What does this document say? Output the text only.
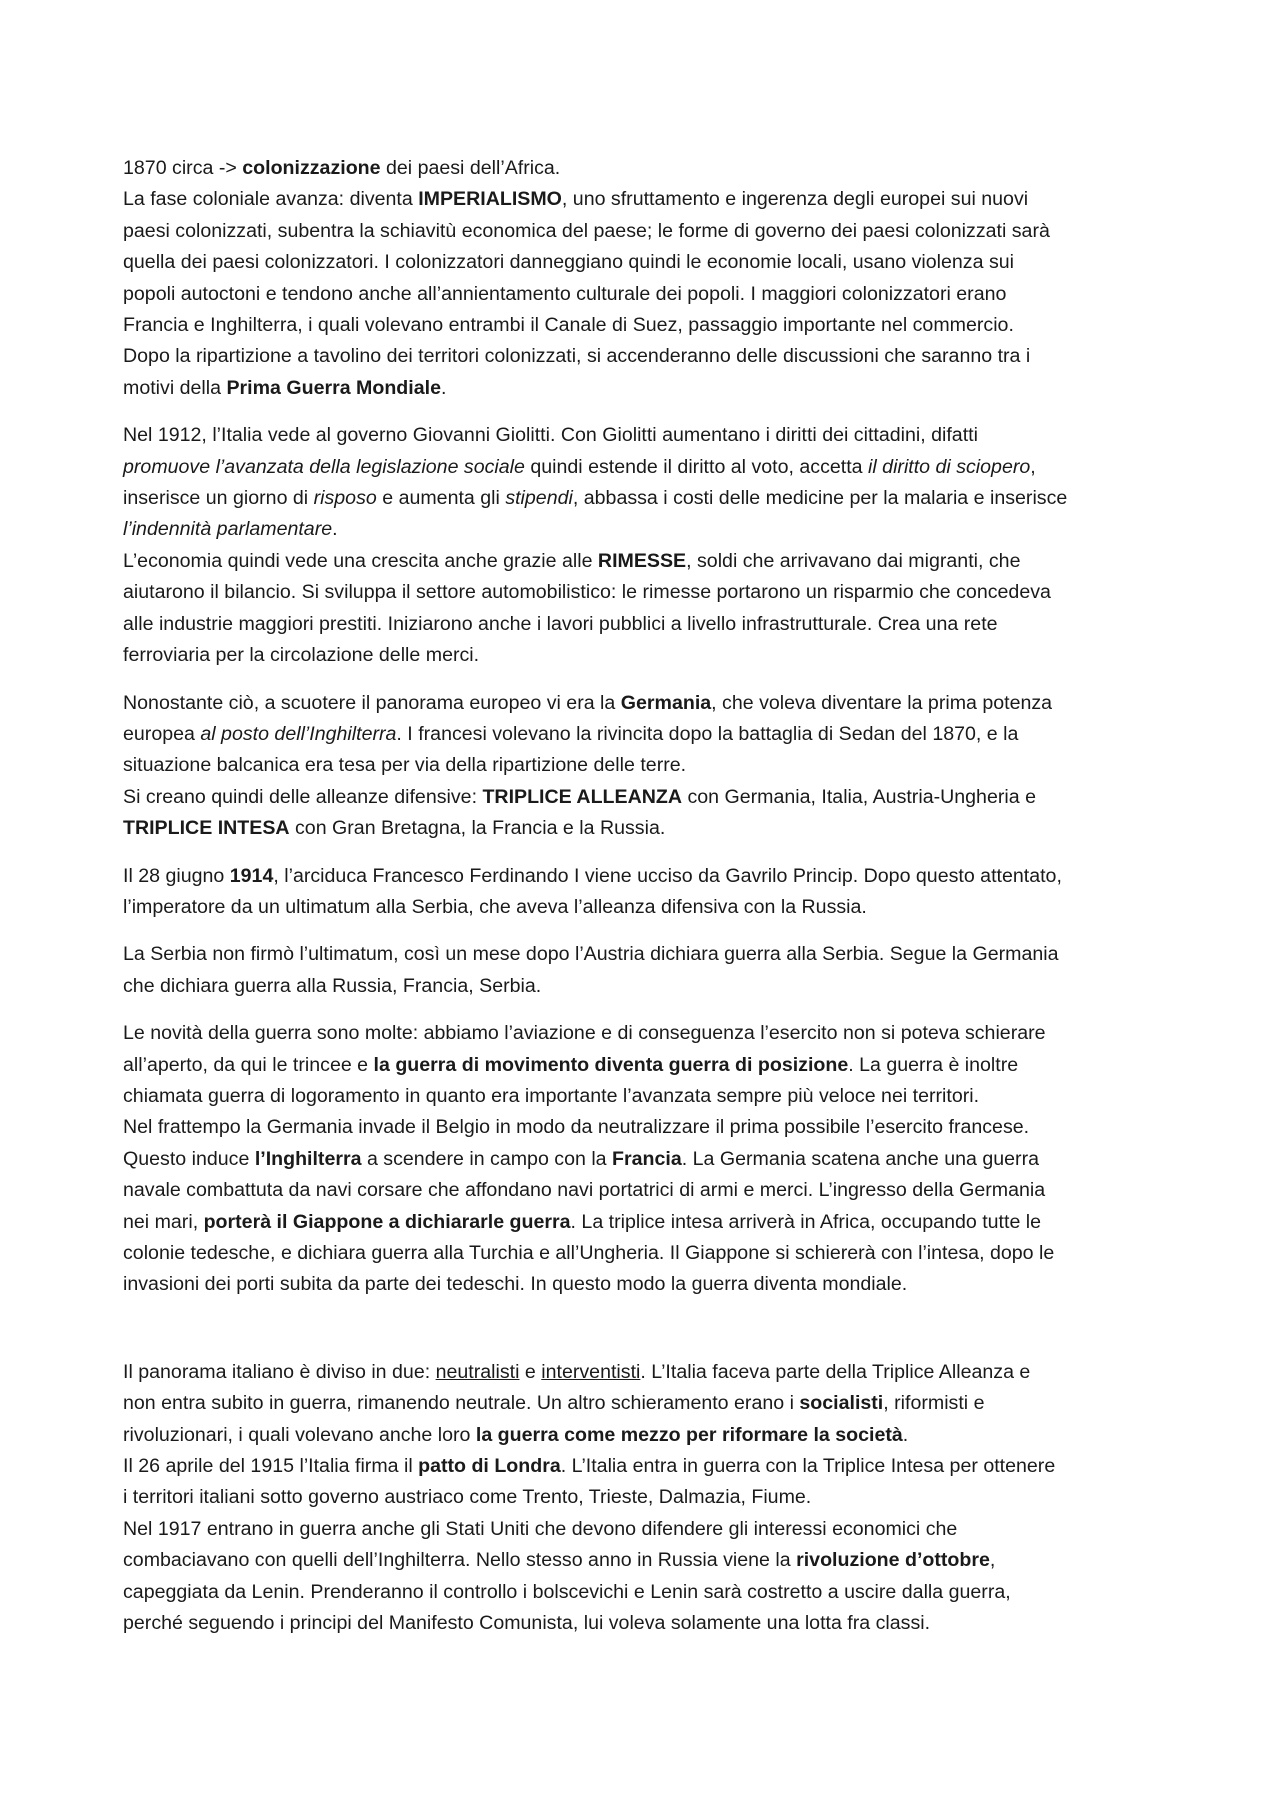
1870 circa -> colonizzazione dei paesi dell’Africa.
La fase coloniale avanza: diventa IMPERIALISMO, uno sfruttamento e ingerenza degli europei sui nuovi
paesi colonizzati, subentra la schiavitù economica del paese; le forme di governo dei paesi colonizzati sarà
quella dei paesi colonizzatori. I colonizzatori danneggiano quindi le economie locali, usano violenza sui
popoli autoctoni e tendono anche all’annientamento culturale dei popoli. I maggiori colonizzatori erano
Francia e Inghilterra, i quali volevano entrambi il Canale di Suez, passaggio importante nel commercio.
Dopo la ripartizione a tavolino dei territori colonizzati, si accenderanno delle discussioni che saranno tra i
motivi della Prima Guerra Mondiale.

Nel 1912, l’Italia vede al governo Giovanni Giolitti. Con Giolitti aumentano i diritti dei cittadini, difatti
promuove l’avanzata della legislazione sociale quindi estende il diritto al voto, accetta il diritto di sciopero,
inserisce un giorno di risposo e aumenta gli stipendi, abbassa i costi delle medicine per la malaria e inserisce
l’indennità parlamentare.
L’economia quindi vede una crescita anche grazie alle RIMESSE, soldi che arrivavano dai migranti, che
aiutarono il bilancio. Si sviluppa il settore automobilistico: le rimesse portarono un risparmio che concedeva
alle industrie maggiori prestiti. Iniziarono anche i lavori pubblici a livello infrastrutturale. Crea una rete
ferroviaria per la circolazione delle merci.

Nonostante ciò, a scuotere il panorama europeo vi era la Germania, che voleva diventare la prima potenza
europea al posto dell’Inghilterra. I francesi volevano la rivincita dopo la battaglia di Sedan del 1870, e la
situazione balcanica era tesa per via della ripartizione delle terre.
Si creano quindi delle alleanze difensive: TRIPLICE ALLEANZA con Germania, Italia, Austria-Ungheria e
TRIPLICE INTESA con Gran Bretagna, la Francia e la Russia.

Il 28 giugno 1914, l’arciduca Francesco Ferdinando I viene ucciso da Gavrilo Princip. Dopo questo attentato,
l’imperatore da un ultimatum alla Serbia, che aveva l’alleanza difensiva con la Russia.

La Serbia non firmò l’ultimatum, così un mese dopo l’Austria dichiara guerra alla Serbia. Segue la Germania
che dichiara guerra alla Russia, Francia, Serbia.

Le novità della guerra sono molte: abbiamo l’aviazione e di conseguenza l’esercito non si poteva schierare
all’aperto, da qui le trincee e la guerra di movimento diventa guerra di posizione. La guerra è inoltre
chiamata guerra di logoramento in quanto era importante l’avanzata sempre più veloce nei territori.
Nel frattempo la Germania invade il Belgio in modo da neutralizzare il prima possibile l’esercito francese.
Questo induce l’Inghilterra a scendere in campo con la Francia. La Germania scatena anche una guerra
navale combattuta da navi corsare che affondano navi portatrici di armi e merci. L’ingresso della Germania
nei mari, porterà il Giappone a dichiararle guerra. La triplice intesa arriverà in Africa, occupando tutte le
colonie tedesche, e dichiara guerra alla Turchia e all’Ungheria. Il Giappone si schiererà con l’intesa, dopo le
invasioni dei porti subita da parte dei tedeschi. In questo modo la guerra diventa mondiale.

Il panorama italiano è diviso in due: neutralisti e interventisti. L’Italia faceva parte della Triplice Alleanza e
non entra subito in guerra, rimanendo neutrale. Un altro schieramento erano i socialisti, riformisti e
rivoluzionari, i quali volevano anche loro la guerra come mezzo per riformare la società.
Il 26 aprile del 1915 l’Italia firma il patto di Londra. L’Italia entra in guerra con la Triplice Intesa per ottenere
i territori italiani sotto governo austriaco come Trento, Trieste, Dalmazia, Fiume.
Nel 1917 entrano in guerra anche gli Stati Uniti che devono difendere gli interessi economici che
combaciavano con quelli dell’Inghilterra. Nello stesso anno in Russia viene la rivoluzione d’ottobre,
capeggiata da Lenin. Prenderanno il controllo i bolscevichi e Lenin sarà costretto a uscire dalla guerra,
perché seguendo i principi del Manifesto Comunista, lui voleva solamente una lotta fra classi.
